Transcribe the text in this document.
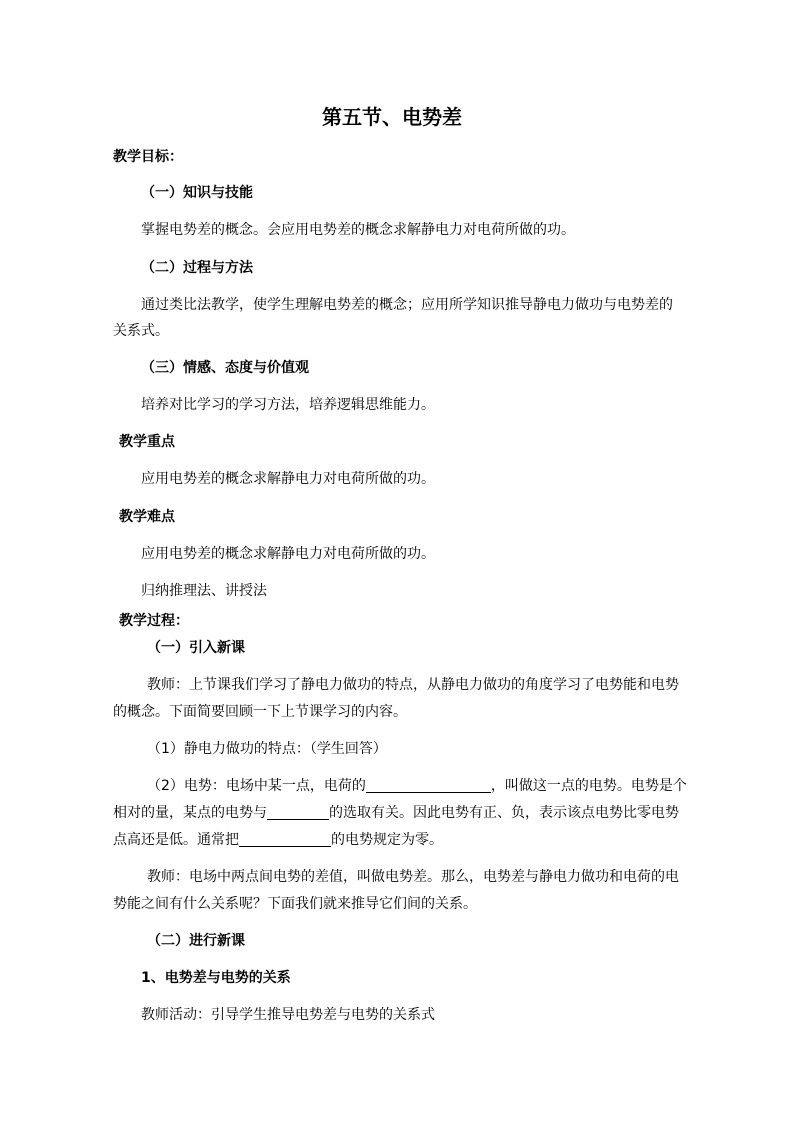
第五节、电势差
教学目标：
（一）知识与技能
掌握电势差的概念。会应用电势差的概念求解静电力对电荷所做的功。
（二）过程与方法
通过类比法教学，使学生理解电势差的概念；应用所学知识推导静电力做功与电势差的
关系式。
（三）情感、态度与价值观
培养对比学习的学习方法，培养逻辑思维能力。
教学重点
应用电势差的概念求解静电力对电荷所做的功。
教学难点
应用电势差的概念求解静电力对电荷所做的功。
归纳推理法、讲授法
教学过程：
（一）引入新课
教师：上节课我们学习了静电力做功的特点，从静电力做功的角度学习了电势能和电势
的概念。下面简要回顾一下上节课学习的内容。
（1）静电力做功的特点：（学生回答）
（2）电势：电场中某一点，电荷的	，叫做这一点的电势。电势是个
相对的量，某点的电势与	的选取有关。因此电势有正、负，表示该点电势比零电势
点高还是低。通常把	的电势规定为零。
教师：电场中两点间电势的差值，叫做电势差。那么，电势差与静电力做功和电荷的电
势能之间有什么关系呢？下面我们就来推导它们间的关系。
（二）进行新课
1、电势差与电势的关系
教师活动：引导学生推导电势差与电势的关系式
